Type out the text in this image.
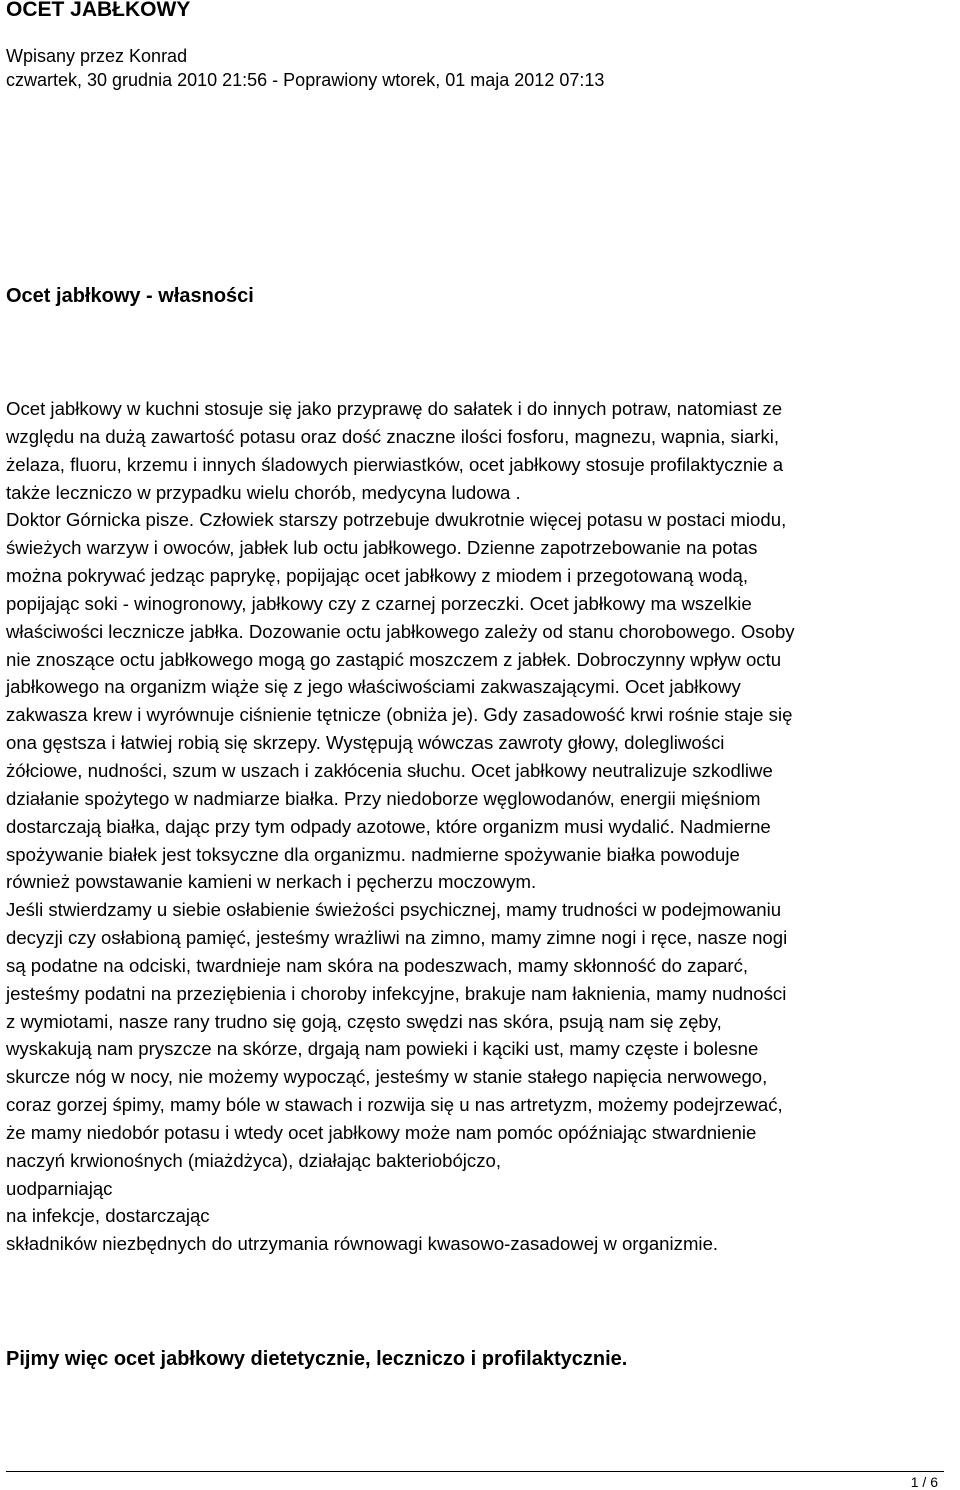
OCET JABŁKOWY
Wpisany przez Konrad
czwartek, 30 grudnia 2010 21:56 - Poprawiony wtorek, 01 maja 2012 07:13
Ocet jabłkowy - własności
Ocet jabłkowy w kuchni stosuje się jako przyprawę do sałatek i do innych potraw, natomiast ze
względu na dużą zawartość potasu oraz dość znaczne ilości fosforu, magnezu, wapnia, siarki,
żelaza, fluoru, krzemu i innych śladowych pierwiastków, ocet jabłkowy stosuje profilaktycznie a
także leczniczo w przypadku wielu chorób, medycyna ludowa .
Doktor Górnicka pisze. Człowiek starszy potrzebuje dwukrotnie więcej potasu w postaci miodu,
świeżych warzyw i owoców, jabłek lub octu jabłkowego. Dzienne zapotrzebowanie na potas
można pokrywać jedząc paprykę, popijając ocet jabłkowy z miodem i przegotowaną wodą,
popijając soki - winogronowy, jabłkowy czy z czarnej porzeczki. Ocet jabłkowy ma wszelkie
właściwości lecznicze jabłka. Dozowanie octu jabłkowego zależy od stanu chorobowego. Osoby
nie znoszące octu jabłkowego mogą go zastąpić moszczem z jabłek. Dobroczynny wpływ octu
jabłkowego na organizm wiąże się z jego właściwościami zakwaszającymi. Ocet jabłkowy
zakwasza krew i wyrównuje ciśnienie tętnicze (obniża je). Gdy zasadowość krwi rośnie staje się
ona gęstsza i łatwiej robią się skrzepy. Występują wówczas zawroty głowy, dolegliwości
żółciowe, nudności, szum w uszach i zakłócenia słuchu. Ocet jabłkowy neutralizuje szkodliwe
działanie spożytego w nadmiarze białka. Przy niedoborze węglowodanów, energii mięśniom
dostarczają białka, dając przy tym odpady azotowe, które organizm musi wydalić. Nadmierne
spożywanie białek jest toksyczne dla organizmu. nadmierne spożywanie białka powoduje
również powstawanie kamieni w nerkach i pęcherzu moczowym.
Jeśli stwierdzamy u siebie osłabienie świeżości psychicznej, mamy trudności w podejmowaniu
decyzji czy osłabioną pamięć, jesteśmy wrażliwi na zimno, mamy zimne nogi i ręce, nasze nogi
są podatne na odciski, twardnieje nam skóra na podeszwach, mamy skłonność do zaparć,
jesteśmy podatni na przeziębienia i choroby infekcyjne, brakuje nam łaknienia, mamy nudności
z wymiotami, nasze rany trudno się goją, często swędzi nas skóra, psują nam się zęby,
wyskakują nam pryszcze na skórze, drgają nam powieki i kąciki ust, mamy częste i bolesne
skurcze nóg w nocy, nie możemy wypocząć, jesteśmy w stanie stałego napięcia nerwowego,
coraz gorzej śpimy, mamy bóle w stawach i rozwija się u nas artretyzm, możemy podejrzewać,
że mamy niedobór potasu i wtedy ocet jabłkowy może nam pomóc opóźniając stwardnienie
naczyń krwionośnych (miażdżyca), działając bakteriobójczo,
uodparniając
na infekcje, dostarczając
składników niezbędnych do utrzymania równowagi kwasowo-zasadowej w organizmie.
Pijmy więc ocet jabłkowy dietetycznie, leczniczo i profilaktycznie.
1 / 6
